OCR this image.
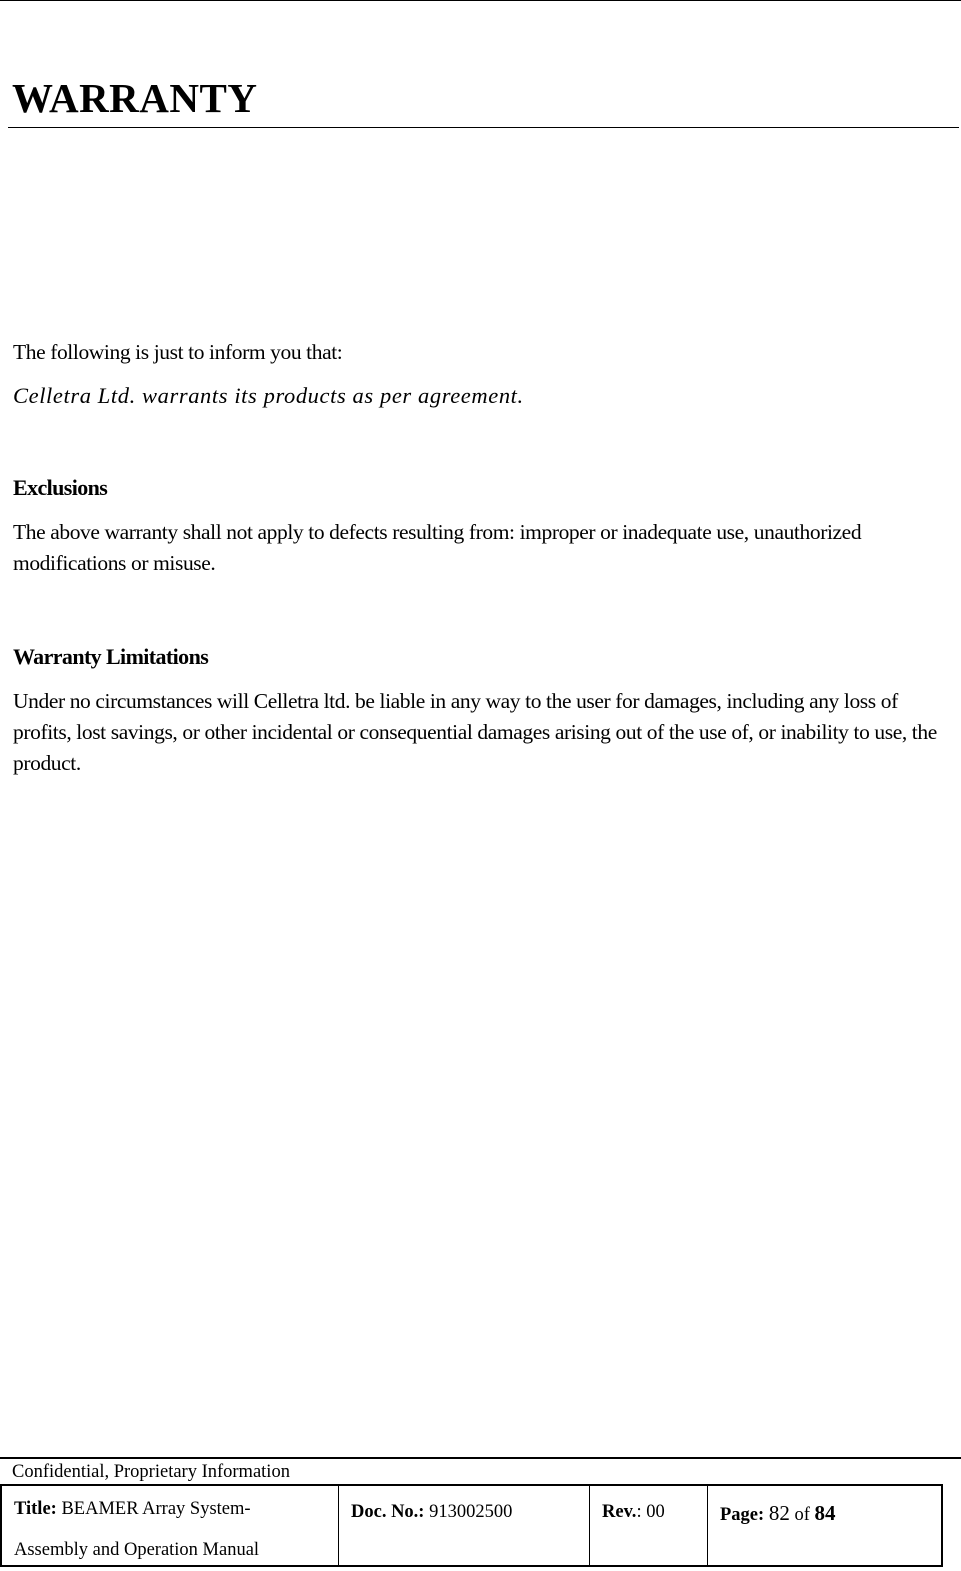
WARRANTY

The following is just to inform you that:

Celletra Ltd. warrants its products as per agreement.

Exclusions

The above warranty shall not apply to defects resulting from: improper or inadequate use, unauthorized modifications or misuse.

Warranty Limitations

Under no circumstances will Celletra ltd. be liable in any way to the user for damages, including any loss of profits, lost savings, or other incidental or consequential damages arising out of the use of, or inability to use, the product.

Confidential, Proprietary Information

Title: BEAMER Array System-
Assembly and Operation Manual
Doc. No.: 913002500	Rev.: 00	Page: 82 of 84
